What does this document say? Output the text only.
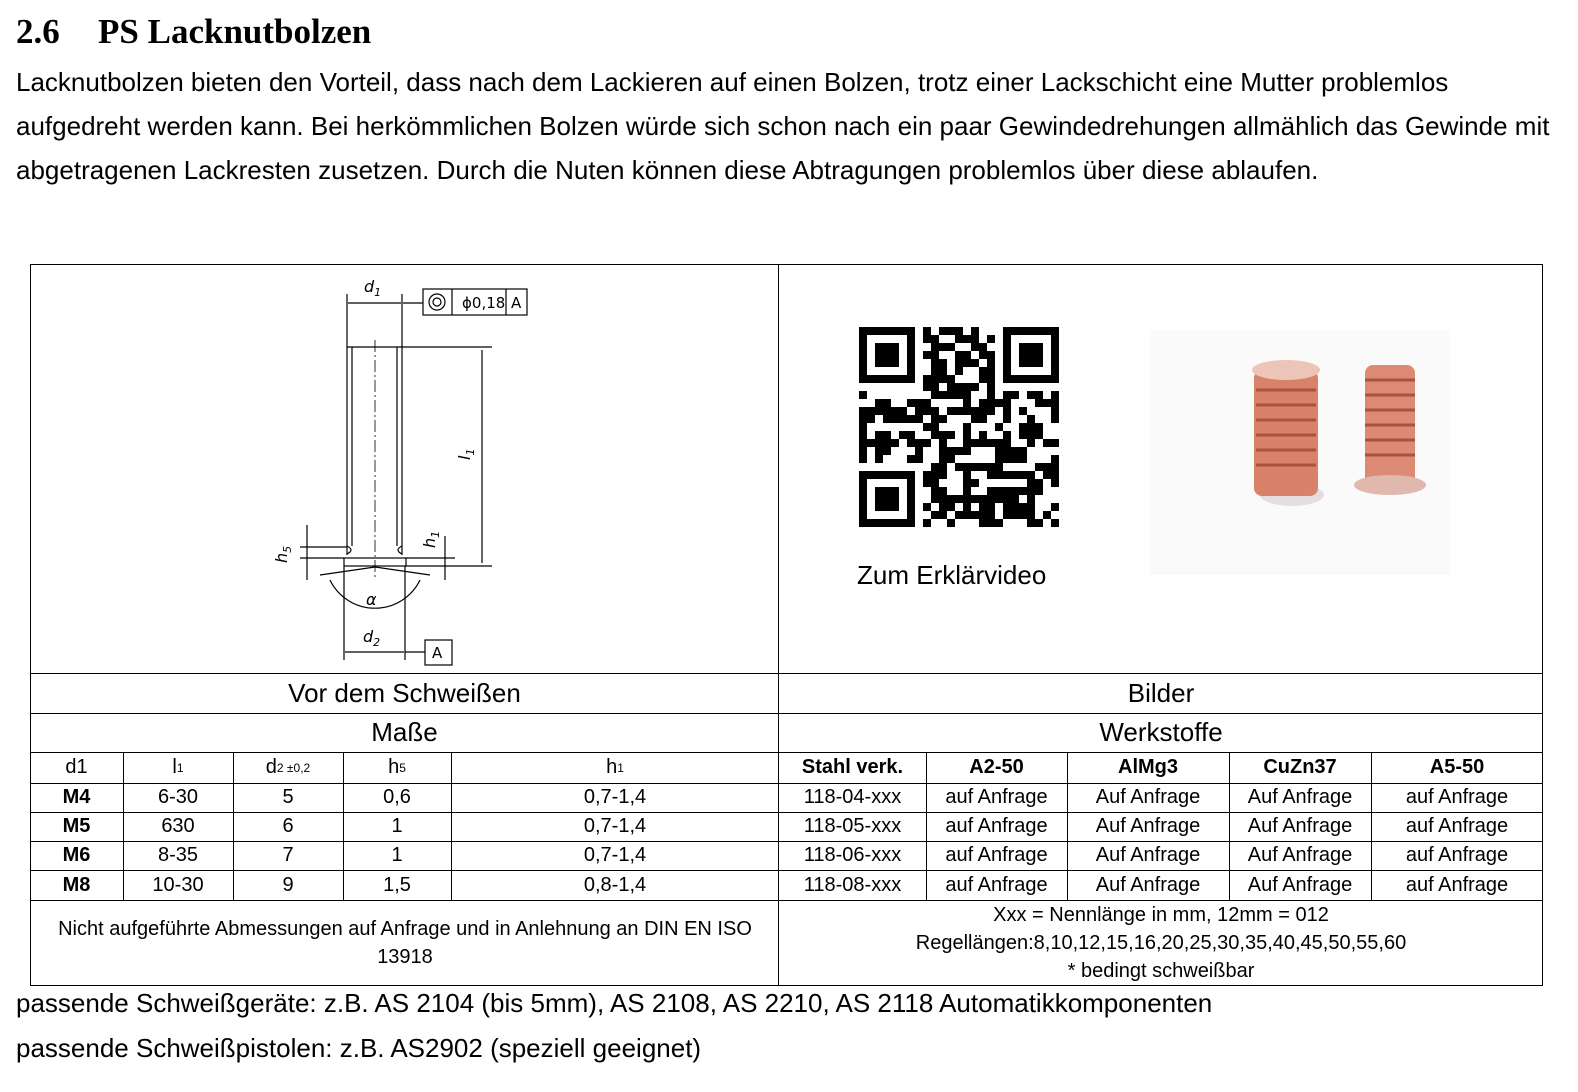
2.6 PS Lacknutbolzen

Lacknutbolzen bieten den Vorteil, dass nach dem Lackieren auf einen Bolzen, trotz einer Lackschicht eine Mutter problemlos aufgedreht werden kann. Bei herkömmlichen Bolzen würde sich schon nach ein paar Gewindedrehungen allmählich das Gewinde mit abgetragenen Lackresten zusetzen. Durch die Nuten können diese Abtragungen problemlos über diese ablaufen.

$d_1$
ϕ0,18 A
$l_1$
$h_5$
$h_1$
α
$d_2$
A
Zum Erklärvideo
Vor dem Schweißen	Bilder
Maße	Werkstoffe
d1	l 1	d 2 ±0,2	h 5	h 1	Stahl verk.	A2-50	AlMg3	CuZn37	A5-50
M4	6-30	5	0,6	0,7-1,4	118-04-xxx	auf Anfrage	Auf Anfrage	Auf Anfrage	auf Anfrage
M5	630	6	1	0,7-1,4	118-05-xxx	auf Anfrage	Auf Anfrage	Auf Anfrage	auf Anfrage
M6	8-35	7	1	0,7-1,4	118-06-xxx	auf Anfrage	Auf Anfrage	Auf Anfrage	auf Anfrage
M8	10-30	9	1,5	0,8-1,4	118-08-xxx	auf Anfrage	Auf Anfrage	Auf Anfrage	auf Anfrage
Nicht aufgeführte Abmessungen auf Anfrage und in Anlehnung an DIN EN ISO 13918
Xxx = Nennlänge in mm, 12mm = 012
Regellängen:8,10,12,15,16,20,25,30,35,40,45,50,55,60
* bedingt schweißbar
passende Schweißgeräte: z.B. AS 2104 (bis 5mm), AS 2108, AS 2210, AS 2118 Automatikkomponenten
passende Schweißpistolen: z.B. AS2902 (speziell geeignet)
